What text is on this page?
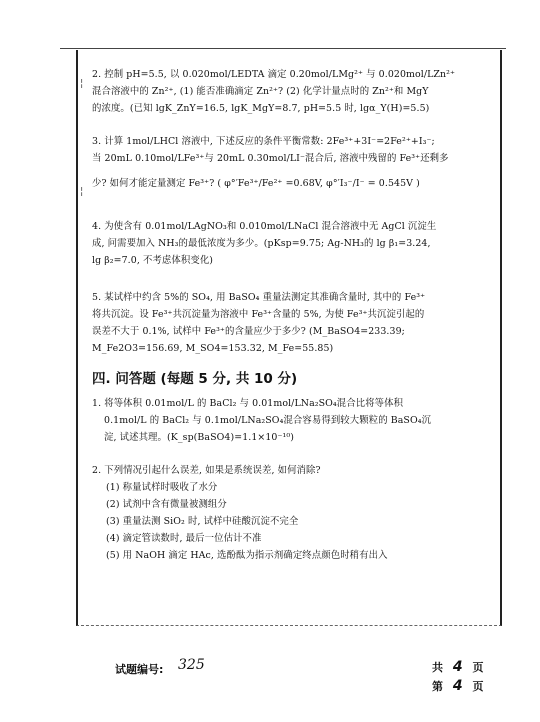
¦
¦
2. 控制 pH=5.5, 以 0.020mol/LEDTA 滴定 0.20mol/LMg²⁺ 与 0.020mol/LZn²⁺
混合溶液中的 Zn²⁺, (1) 能否准确滴定 Zn²⁺? (2) 化学计量点时的 Zn²⁺和 MgY
的浓度。(已知 lgK_ZnY=16.5, lgK_MgY=8.7, pH=5.5 时, lgα_Y(H)=5.5)
3. 计算 1mol/LHCl 溶液中, 下述反应的条件平衡常数: 2Fe³⁺+3I⁻=2Fe²⁺+I₃⁻;
当 20mL 0.10mol/LFe³⁺与 20mL 0.30mol/LI⁻混合后, 溶液中残留的 Fe³⁺还剩多
少? 如何才能定量测定 Fe³⁺? ( φ°′Fe³⁺/Fe²⁺ =0.68V, φ°′I₃⁻/I⁻ = 0.545V )
4. 为使含有 0.01mol/LAgNO₃和 0.010mol/LNaCl 混合溶液中无 AgCl 沉淀生
成, 问需要加入 NH₃的最低浓度为多少。(pKsp=9.75; Ag-NH₃的 lg β₁=3.24,
lg β₂=7.0, 不考虑体积变化)
5. 某试样中约含 5%的 SO₄, 用 BaSO₄ 重量法测定其准确含量时, 其中的 Fe³⁺
将共沉淀。设 Fe³⁺共沉淀量为溶液中 Fe³⁺含量的 5%, 为使 Fe³⁺共沉淀引起的
误差不大于 0.1%, 试样中 Fe³⁺的含量应少于多少? (M_BaSO4=233.39;
M_Fe2O3=156.69, M_SO4=153.32, M_Fe=55.85)
四. 问答题 (每题 5 分, 共 10 分)
1. 将等体积 0.01mol/L 的 BaCl₂ 与 0.01mol/LNa₂SO₄混合比将等体积
0.1mol/L 的 BaCl₂ 与 0.1mol/LNa₂SO₄混合容易得到较大颗粒的 BaSO₄沉
淀, 试述其理。(K_sp(BaSO4)=1.1×10⁻¹⁰)
2. 下列情况引起什么误差, 如果是系统误差, 如何消除?
(1) 称量试样时吸收了水分
(2) 试剂中含有微量被测组分
(3) 重量法测 SiO₂ 时, 试样中硅酸沉淀不完全
(4) 滴定管读数时, 最后一位估计不准
(5) 用 NaOH 滴定 HAc, 选酚酞为指示剂确定终点颜色时稍有出入
试题编号: 325	共 4 页
第 4 页
